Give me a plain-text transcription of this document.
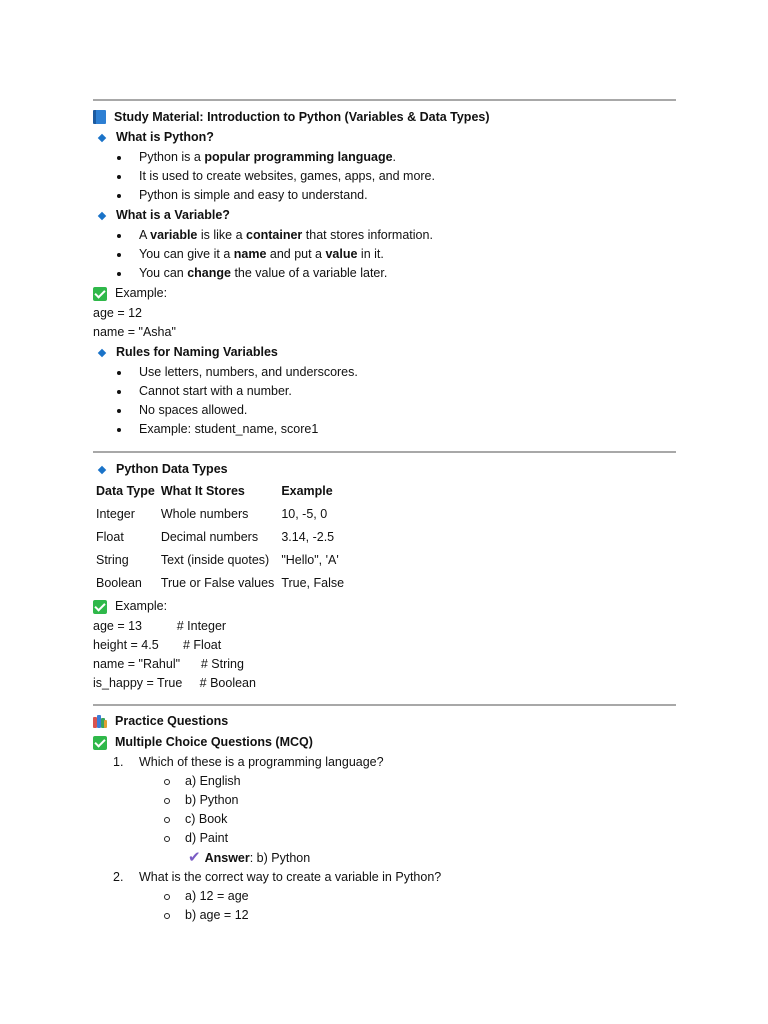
Study Material: Introduction to Python (Variables & Data Types)
What is Python?
Python is a popular programming language.
It is used to create websites, games, apps, and more.
Python is simple and easy to understand.
What is a Variable?
A variable is like a container that stores information.
You can give it a name and put a value in it.
You can change the value of a variable later.
Example:
age = 12
name = "Asha"
Rules for Naming Variables
Use letters, numbers, and underscores.
Cannot start with a number.
No spaces allowed.
Example: student_name, score1
Python Data Types
Data Type	What It Stores	Example
Integer	Whole numbers	10, -5, 0
Float	Decimal numbers	3.14, -2.5
String	Text (inside quotes)	"Hello", 'A'
Boolean	True or False values	True, False
Example:
age = 13          # Integer
height = 4.5       # Float
name = "Rahul"      # String
is_happy = True     # Boolean
Practice Questions
Multiple Choice Questions (MCQ)
1.	Which of these is a programming language?
a) English
b) Python
c) Book
d) Paint
✔ Answer : b) Python
2.	What is the correct way to create a variable in Python?
a) 12 = age
b) age = 12
